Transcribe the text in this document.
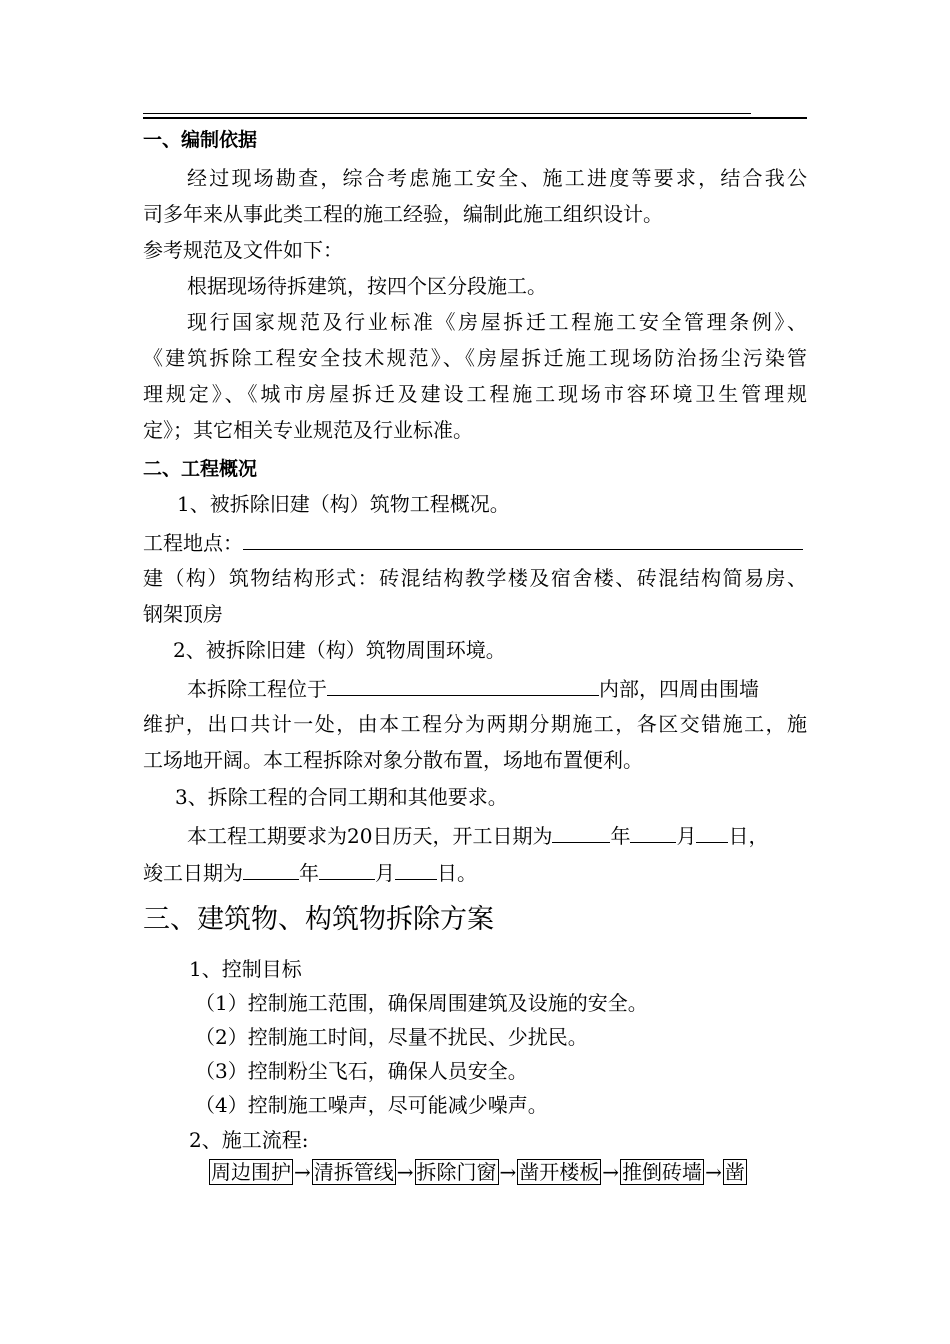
一、编制依据
经过现场勘查，综合考虑施工安全、施工进度等要求，结合我公
司多年来从事此类工程的施工经验，编制此施工组织设计。
参考规范及文件如下：
根据现场待拆建筑，按四个区分段施工。
现行国家规范及行业标准《房屋拆迁工程施工安全管理条例》、
《建筑拆除工程安全技术规范》、《房屋拆迁施工现场防治扬尘污染管
理规定》、《城市房屋拆迁及建设工程施工现场市容环境卫生管理规
定》；其它相关专业规范及行业标准。
二、工程概况
1、被拆除旧建（构）筑物工程概况。
工程地点：
建（构）筑物结构形式：砖混结构教学楼及宿舍楼、砖混结构简易房、
钢架顶房
2、被拆除旧建（构）筑物周围环境。
本拆除工程位于	内部，四周由围墙
维护，出口共计一处，由本工程分为两期分期施工，各区交错施工，施
工场地开阔。本工程拆除对象分散布置，场地布置便利。
3、拆除工程的合同工期和其他要求。
本工程工期要求为20日历天，开工日期为	年 月 日，
竣工日期为	年	月 日。
三、建筑物、构筑物拆除方案
1、控制目标
（1）控制施工范围，确保周围建筑及设施的安全。
（2）控制施工时间，尽量不扰民、少扰民。
（3）控制粉尘飞石，确保人员安全。
（4）控制施工噪声，尽可能减少噪声。
2、施工流程:
周边围护 → 清拆管线 → 拆除门窗 → 凿开楼板 → 推倒砖墙 → 凿
